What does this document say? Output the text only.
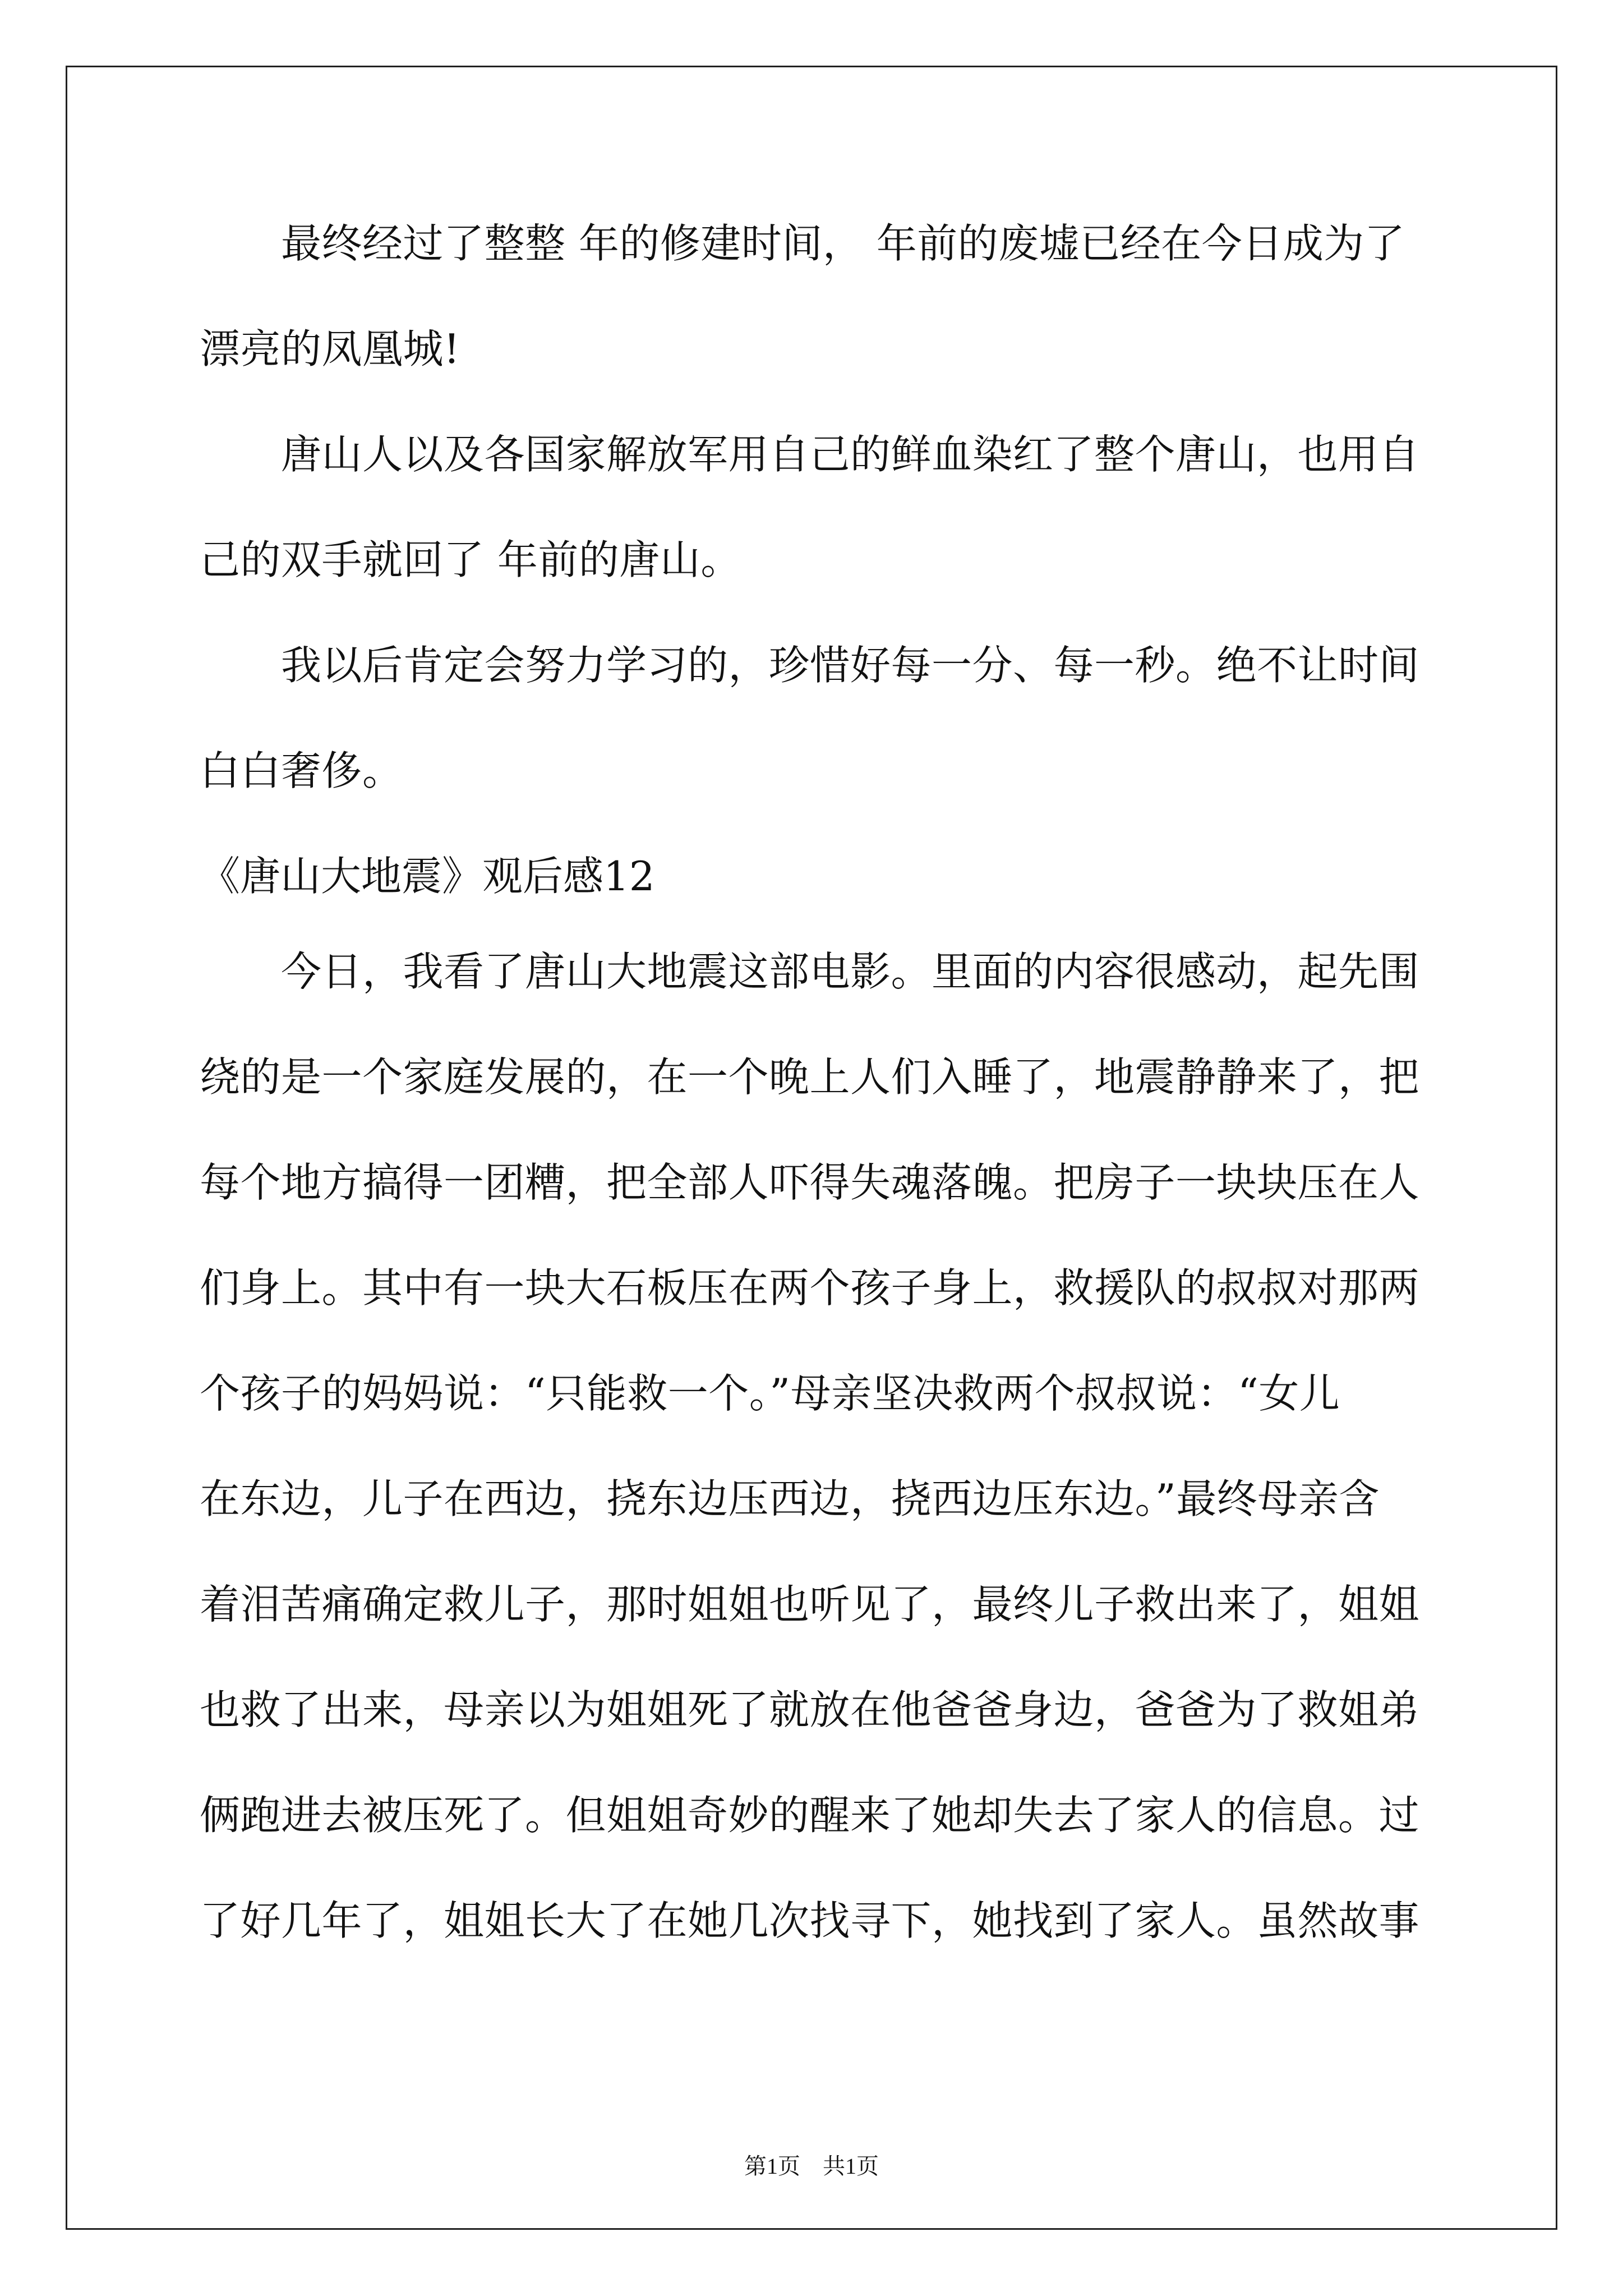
最终经过了整整 年的修建时间， 年前的废墟已经在今日成为了
漂亮的凤凰城!
唐山人以及各国家解放军用自己的鲜血染红了整个唐山，也用自
己的双手就回了 年前的唐山。
我以后肯定会努力学习的，珍惜好每一分、每一秒。绝不让时间
白白奢侈。
《唐山大地震》观后感12
今日，我看了唐山大地震这部电影。里面的内容很感动，起先围
绕的是一个家庭发展的，在一个晚上人们入睡了，地震静静来了，把
每个地方搞得一团糟，把全部人吓得失魂落魄。把房子一块块压在人
们身上。其中有一块大石板压在两个孩子身上，救援队的叔叔对那两
个孩子的妈妈说：“只能救一个。”母亲坚决救两个叔叔说：“女儿
在东边，儿子在西边，挠东边压西边，挠西边压东边。”最终母亲含
着泪苦痛确定救儿子，那时姐姐也听见了，最终儿子救出来了，姐姐
也救了出来，母亲以为姐姐死了就放在他爸爸身边，爸爸为了救姐弟
俩跑进去被压死了。但姐姐奇妙的醒来了她却失去了家人的信息。过
了好几年了，姐姐长大了在她几次找寻下，她找到了家人。虽然故事
第1页　共1页
